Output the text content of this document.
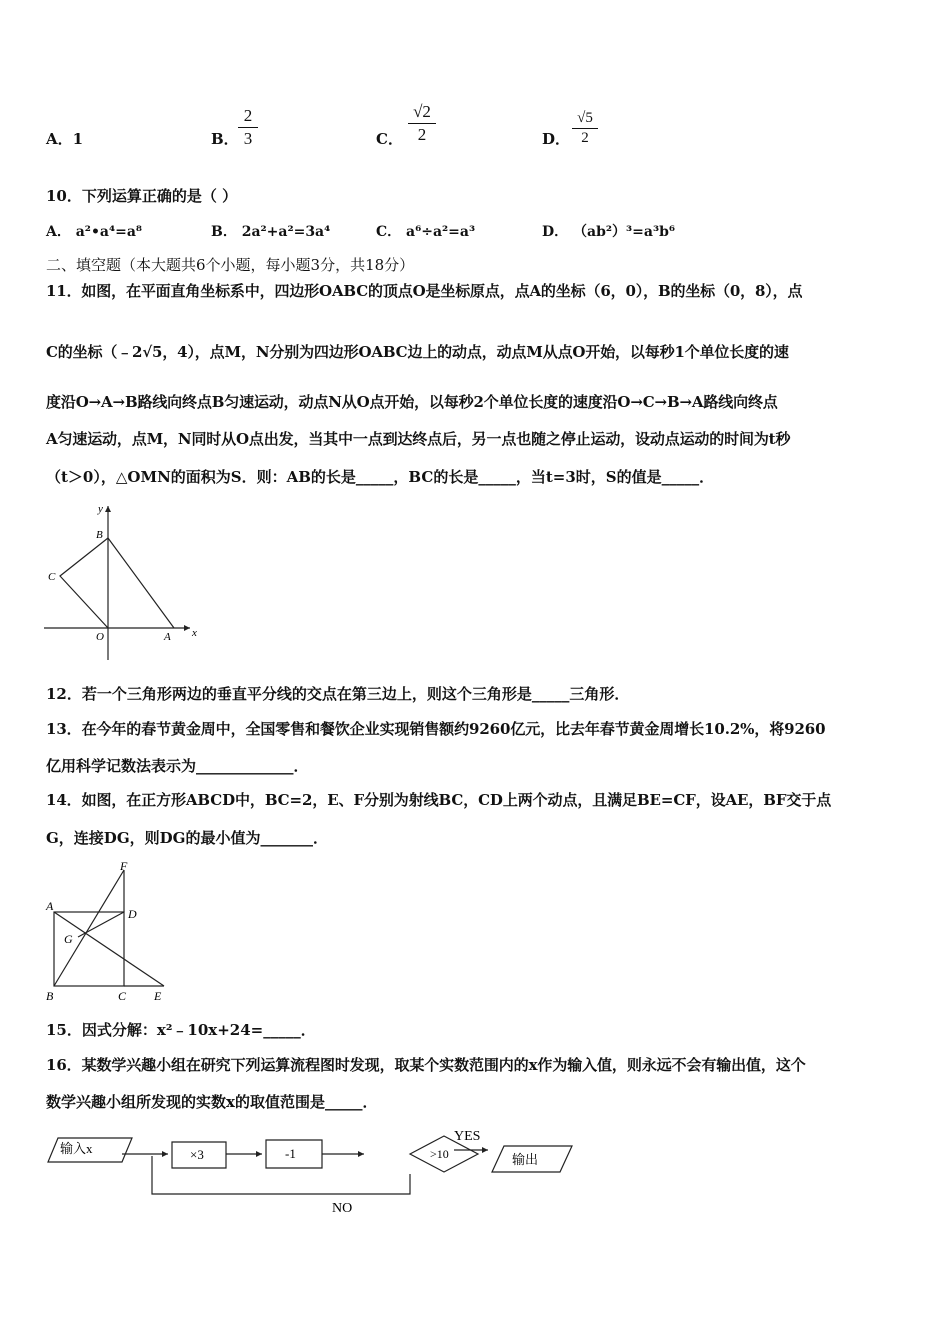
A．1	B．
2
3	C．
√2
2	D．
√5
2
10．下列运算正确的是（ ）
A． a²•a⁴=a⁸	B． 2a²+a²=3a⁴	C． a⁶÷a²=a³	D． （ab²）³=a³b⁶
二、填空题（本大题共6个小题，每小题3分，共18分）
11．如图，在平面直角坐标系中，四边形OABC的顶点O是坐标原点，点A的坐标（6，0），B的坐标（0，8），点
C的坐标（﹣2√5，4），点M，N分别为四边形OABC边上的动点，动点M从点O开始，以每秒1个单位长度的速
度沿O→A→B路线向终点B匀速运动，动点N从O点开始，以每秒2个单位长度的速度沿O→C→B→A路线向终点
A匀速运动，点M，N同时从O点出发，当其中一点到达终点后，另一点也随之停止运动，设动点运动的时间为t秒
（t＞0），△OMN的面积为S．则：AB的长是_____，BC的长是_____，当t=3时，S的值是_____．
y
x
B
C
O	A
12．若一个三角形两边的垂直平分线的交点在第三边上，则这个三角形是_____三角形．
13．在今年的春节黄金周中，全国零售和餐饮企业实现销售额约9260亿元，比去年春节黄金周增长10.2%，将9260
亿用科学记数法表示为_____________．
14．如图，在正方形ABCD中，BC=2，E、F分别为射线BC，CD上两个动点，且满足BE=CF，设AE，BF交于点
G，连接DG，则DG的最小值为_______．
A
D
F
G
B	C E
15．因式分解：x²﹣10x+24=_____．
16．某数学兴趣小组在研究下列运算流程图时发现，取某个实数范围内的x作为输入值，则永远不会有输出值，这个
数学兴趣小组所发现的实数x的取值范围是_____．
输入x	×3	-1	>10
YES
输出
NO
